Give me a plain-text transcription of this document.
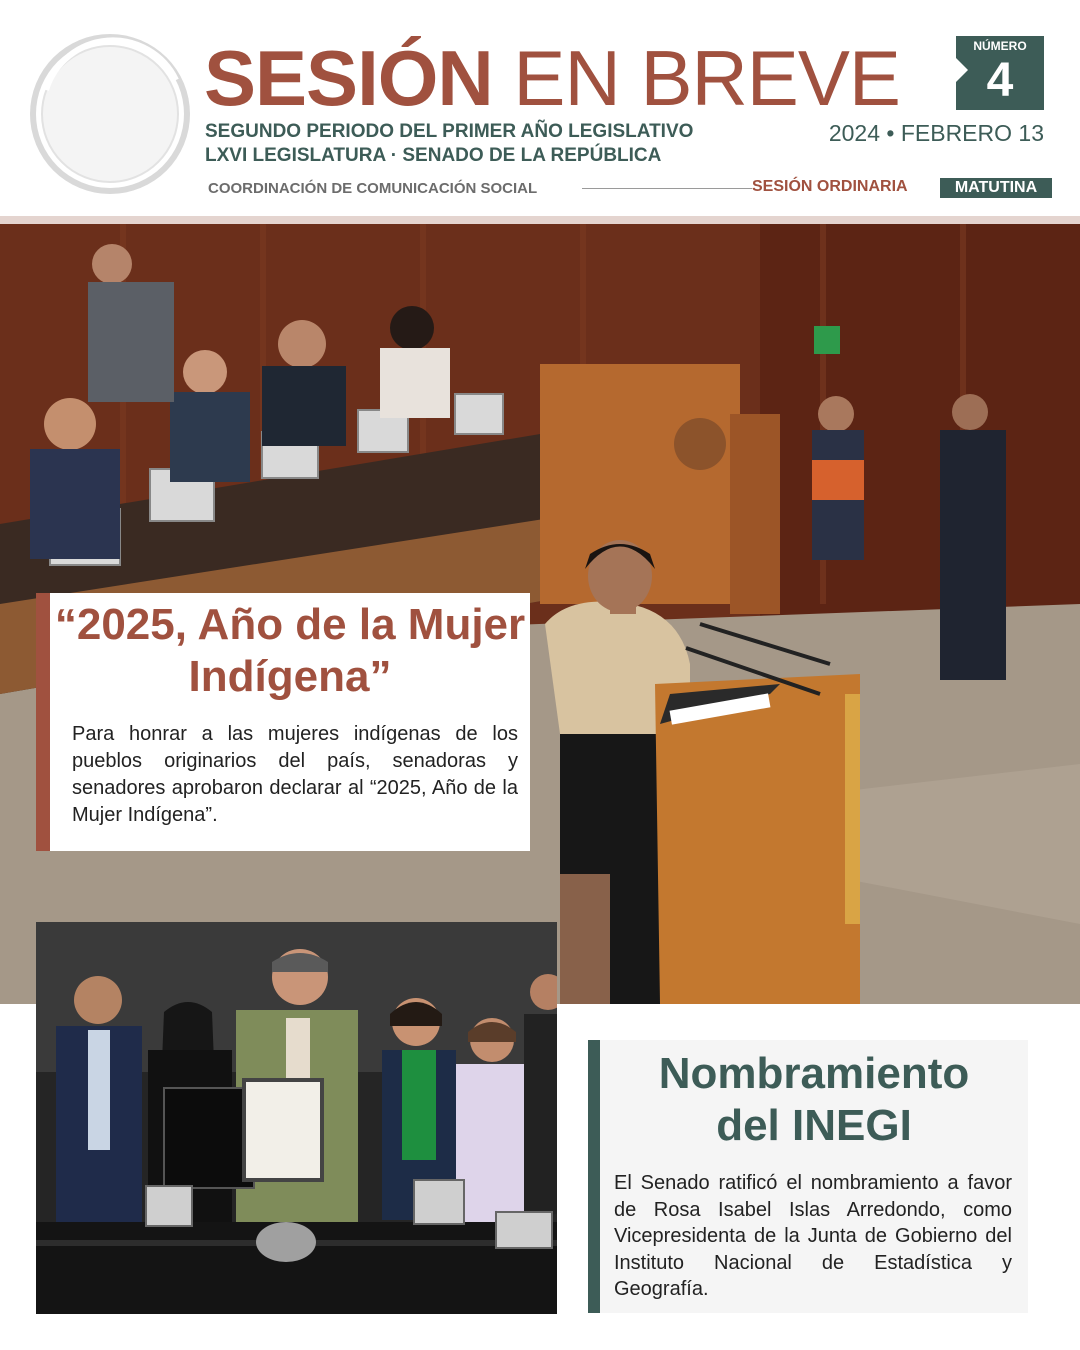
SESIÓN EN BREVE
SEGUNDO PERIODO DEL PRIMER AÑO LEGISLATIVO
LXVI LEGISLATURA · SENADO DE LA REPÚBLICA
NÚMERO
4
2024 • FEBRERO 13
COORDINACIÓN DE COMUNICACIÓN SOCIAL	SESIÓN ORDINARIA	MATUTINA
“2025, Año de la Mujer Indígena”
Para honrar a las mujeres indígenas de los pueblos originarios del país, senadoras y senadores aprobaron declarar al “2025, Año de la Mujer Indígena”.
Nombramiento
del INEGI
El Senado ratificó el nombramiento a favor de Rosa Isabel Islas Arredondo, como Vicepresidenta de la Junta de Gobierno del Instituto Nacional de Estadística y Geografía.
